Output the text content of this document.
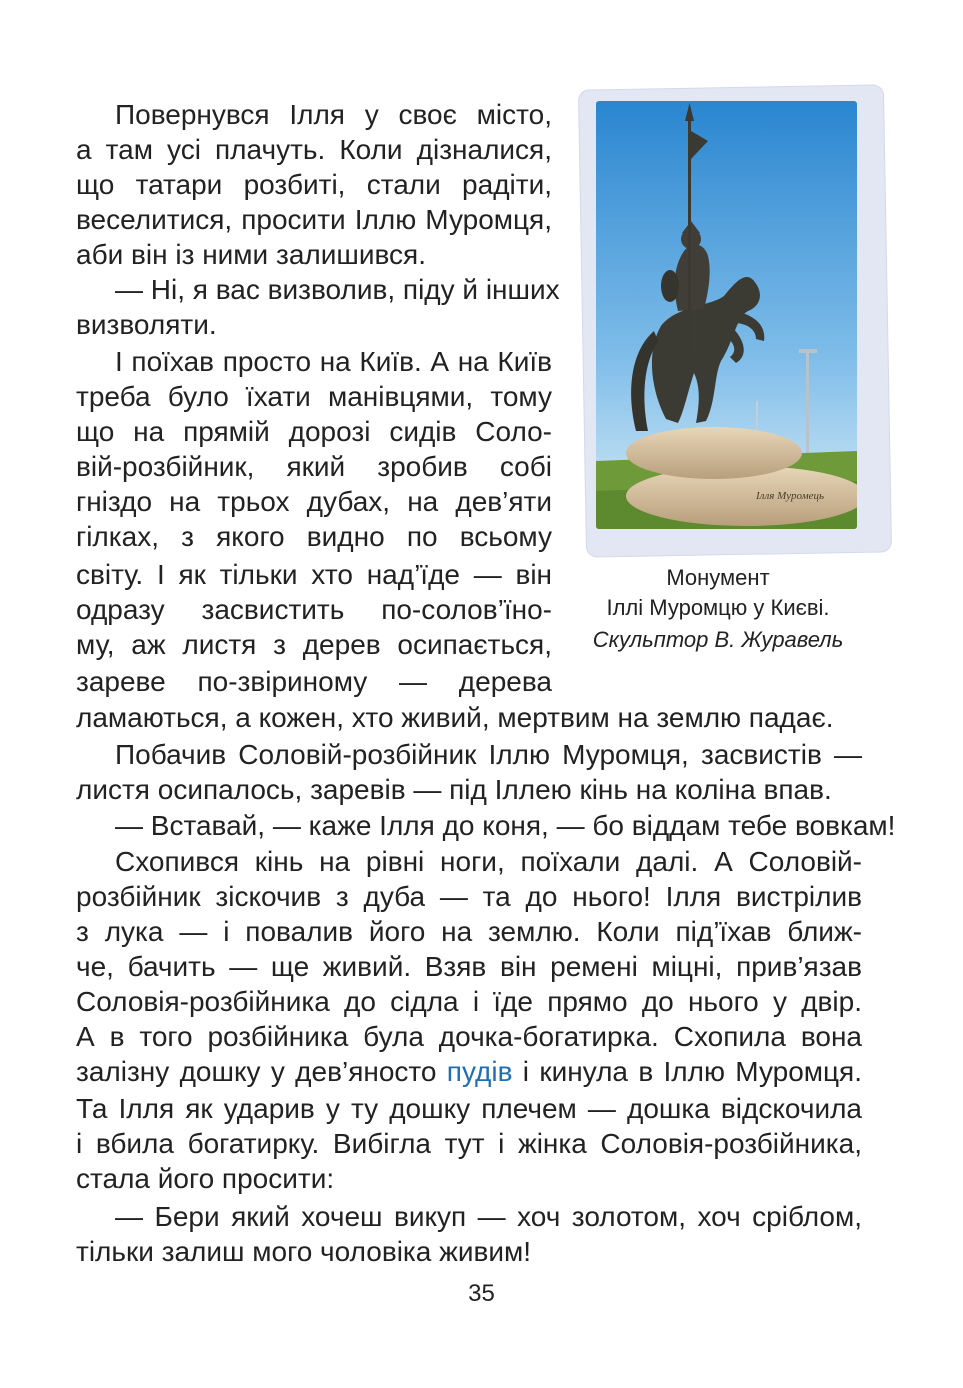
Ілля Муромець
Монумент
Іллі Муромцю у Києві.
Скульптор В. Журавель
Повернувся Ілля у своє місто,
а там усі плачуть. Коли дізналися,
що татари розбиті, стали радіти,
веселитися, просити Іллю Муромця,
аби він із ними залишився.
— Ні, я вас визволив, піду й інших
визволяти.
І поїхав просто на Київ. А на Київ
треба було їхати манівцями, тому
що на прямій дорозі сидів Соло-
вій-розбійник, який зробив собі
гніздо на трьох дубах, на дев’яти
гілках, з якого видно по всьому
світу. І як тільки хто над’їде — він
одразу засвистить по-солов’їно-
му, аж листя з дерев осипається,
зареве по-звіриному — дерева
ламаються, а кожен, хто живий, мертвим на землю падає.
Побачив Соловій-розбійник Іллю Муромця, засвистів —
листя осипалось, заревів — під Іллею кінь на коліна впав.
— Вставай, — каже Ілля до коня, — бо віддам тебе вовкам!
Схопився кінь на рівні ноги, поїхали далі. А Соловій-
розбійник зіскочив з дуба — та до нього! Ілля вистрілив
з лука — і повалив його на землю. Коли під’їхав ближ-
че, бачить — ще живий. Взяв він ремені міцні, прив’язав
Соловія-розбійника до сідла і їде прямо до нього у двір.
А в того розбійника була дочка-богатирка. Схопила вона
залізну дошку у дев’яносто пудів і кинула в Іллю Муромця.
Та Ілля як ударив у ту дошку плечем — дошка відскочила
і вбила богатирку. Вибігла тут і жінка Соловія-розбійника,
стала його просити:
— Бери який хочеш викуп — хоч золотом, хоч сріблом,
тільки залиш мого чоловіка живим!
35
